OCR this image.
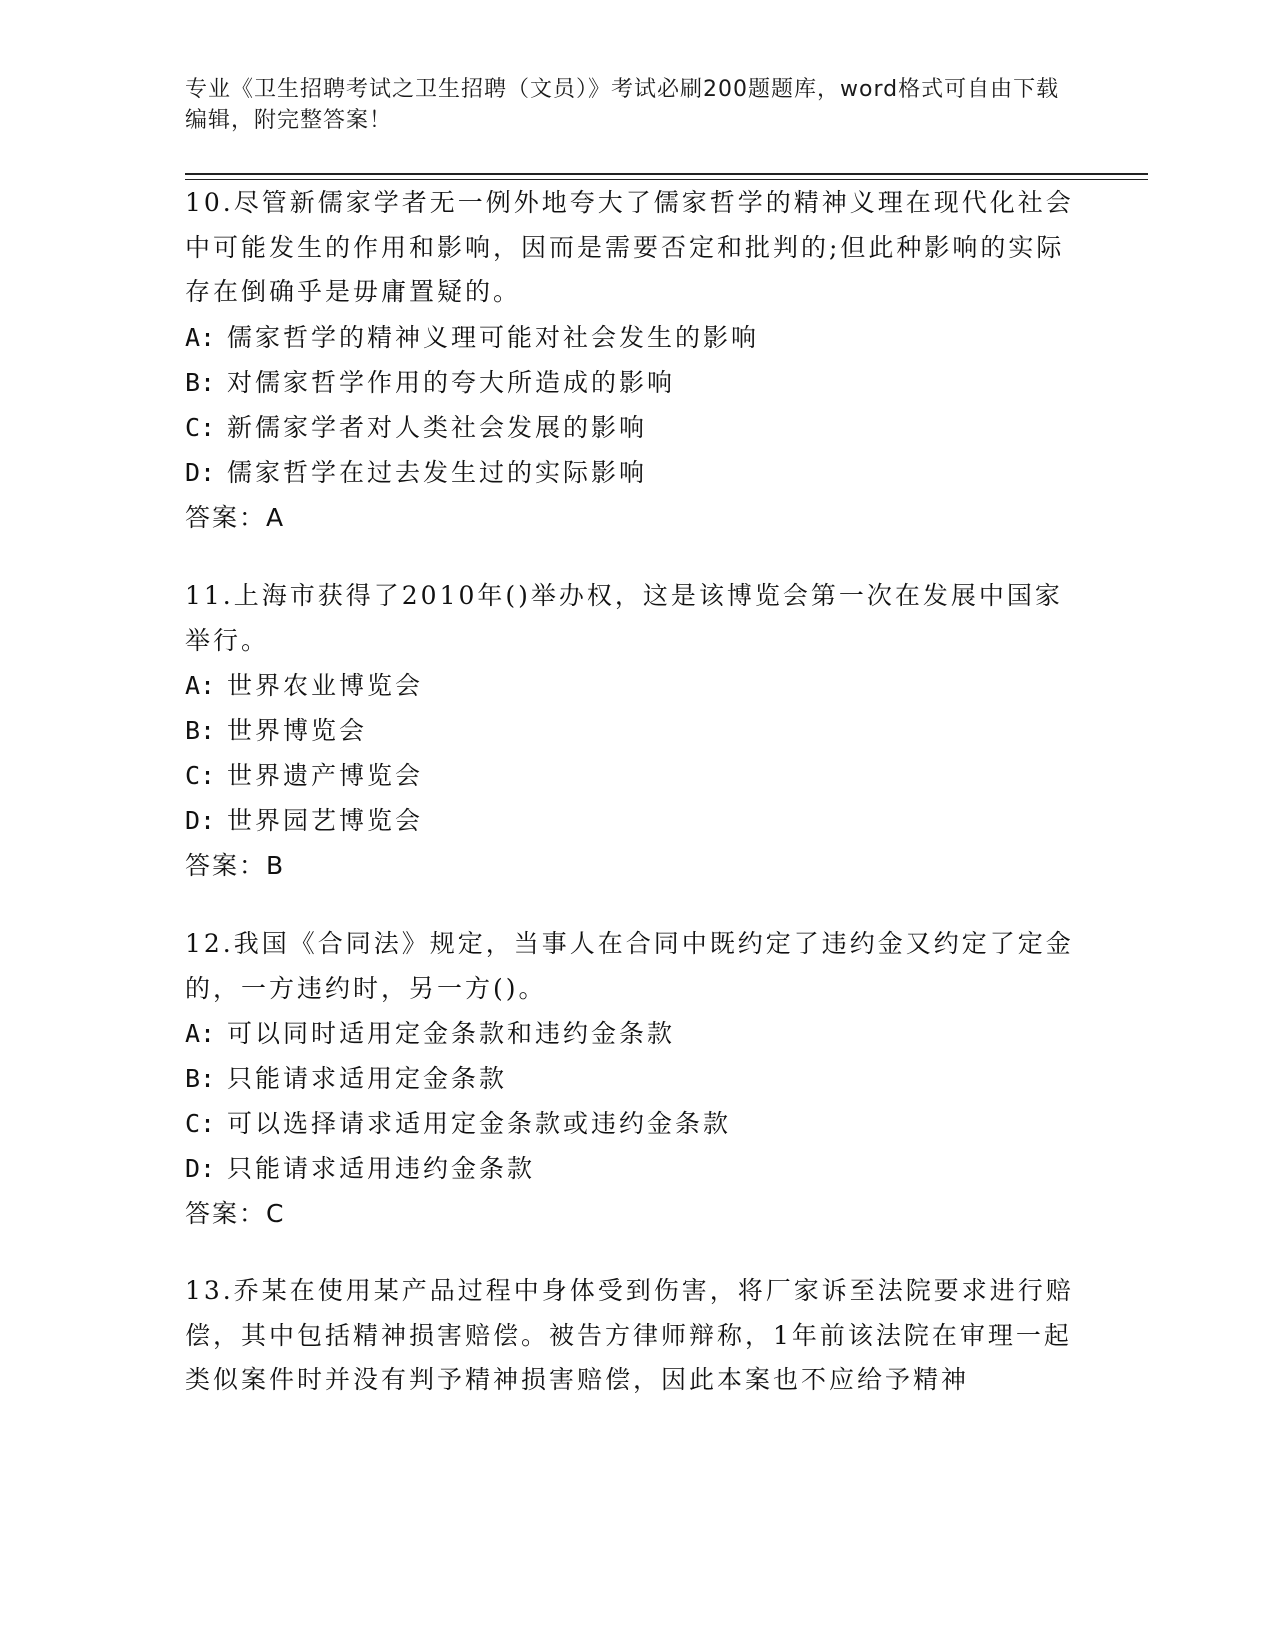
专业《卫生招聘考试之卫生招聘（文员）》考试必刷200题题库，word格式可自由下载编辑，附完整答案！

10.尽管新儒家学者无一例外地夸大了儒家哲学的精神义理在现代化社会中可能发生的作用和影响，因而是需要否定和批判的;但此种影响的实际存在倒确乎是毋庸置疑的。

A: 儒家哲学的精神义理可能对社会发生的影响

B: 对儒家哲学作用的夸大所造成的影响

C: 新儒家学者对人类社会发展的影响

D: 儒家哲学在过去发生过的实际影响

答案：A

11.上海市获得了2010年()举办权，这是该博览会第一次在发展中国家举行。

A: 世界农业博览会

B: 世界博览会

C: 世界遗产博览会

D: 世界园艺博览会

答案：B

12.我国《合同法》规定，当事人在合同中既约定了违约金又约定了定金的，一方违约时，另一方()。

A: 可以同时适用定金条款和违约金条款

B: 只能请求适用定金条款

C: 可以选择请求适用定金条款或违约金条款

D: 只能请求适用违约金条款

答案：C

13.乔某在使用某产品过程中身体受到伤害，将厂家诉至法院要求进行赔偿，其中包括精神损害赔偿。被告方律师辩称，1年前该法院在审理一起类似案件时并没有判予精神损害赔偿，因此本案也不应给予精神
